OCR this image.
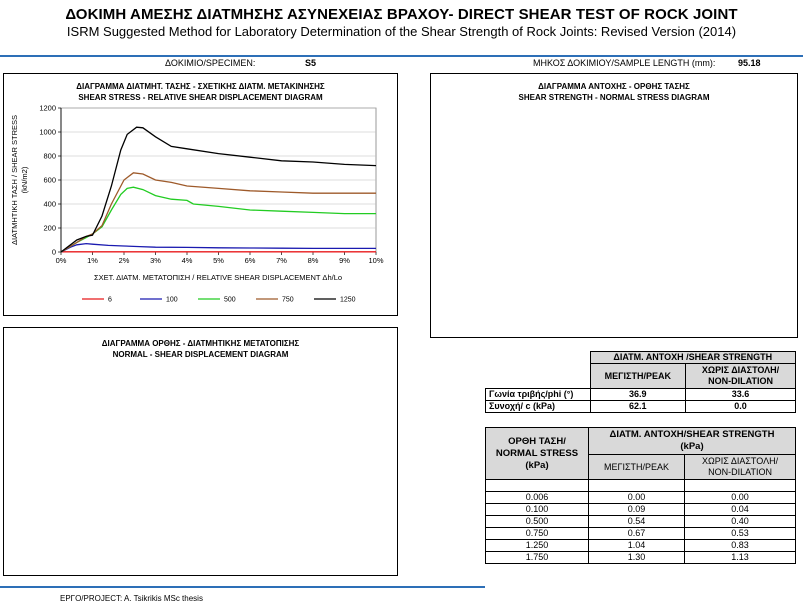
ΔΟΚΙΜΗ ΑΜΕΣΗΣ ΔΙΑΤΜΗΣΗΣ ΑΣΥΝΕΧΕΙΑΣ ΒΡΑΧΟΥ- DIRECT SHEAR TEST OF ROCK JOINT
ISRM Suggested Method for Laboratory Determination of the Shear Strength of Rock Joints: Revised Version (2014)
ΔΟΚΙΜΙΟ/SPECIMEN:	S5	ΜΗΚΟΣ ΔΟΚΙΜΙΟΥ/SAMPLE LENGTH (mm):	95.18
ΔΙΑΓΡΑΜΜΑ ΔΙΑΤΜΗΤ. ΤΑΣΗΣ - ΣΧΕΤΙΚΗΣ ΔΙΑΤΜ. ΜΕΤΑΚΙΝΗΣΗΣ
SHEAR STRESS - RELATIVE SHEAR DISPLACEMENT DIAGRAM
0%	1%	2%	3%	4%	5%	6%	7%	8%	9% 10%
0
200
400
600
800
1000
1200
ΣΧΕΤ. ΔΙΑΤΜ. ΜΕΤΑΤΟΠΙΣΗ / RELATIVE SHEAR DISPLACEMENT Δh/Lo
ΔΙΑΤΜΗΤΙΚΗ ΤΑΣΗ / SHEAR STRESS (kN/m2)
6	100	500	750	1250
ΔΙΑΓΡΑΜΜΑ ΑΝΤΟΧΗΣ - ΟΡΘΗΣ ΤΑΣΗΣ
SHEAR STRENGTH - NORMAL STRESS DIAGRAM
ΔΙΑΓΡΑΜΜΑ ΟΡΘΗΣ - ΔΙΑΤΜΗΤΙΚΗΣ ΜΕΤΑΤΟΠΙΣΗΣ
NORMAL - SHEAR DISPLACEMENT DIAGRAM
		ΔΙΑΤΜ. ΑΝΤΟΧΗ /SHEAR STRENGTH	
	ΜΕΓΙΣΤΗ/PEAK	ΧΩΡΙΣ ΔΙΑΣΤΟΛΗ/
NON-DILATION
Γωνία τριβής/phi (°)	36.9	33.6
Συνοχή/ c (kPa)	62.1	0.0
ΟΡΘΗ ΤΑΣΗ/
NORMAL STRESS
(kPa)	ΔΙΑΤΜ. ΑΝΤΟΧΗ/SHEAR STRENGTH
(kPa)	
	ΜΕΓΙΣΤΗ/PEAK	ΧΩΡΙΣ ΔΙΑΣΤΟΛΗ/
NON-DILATION

0.006	0.00	0.00
0.100	0.09	0.04
0.500	0.54	0.40
0.750	0.67	0.53
1.250	1.04	0.83
1.750	1.30	1.13
ΕΡΓΟ/PROJECT: A. Tsikrikis MSc thesis
